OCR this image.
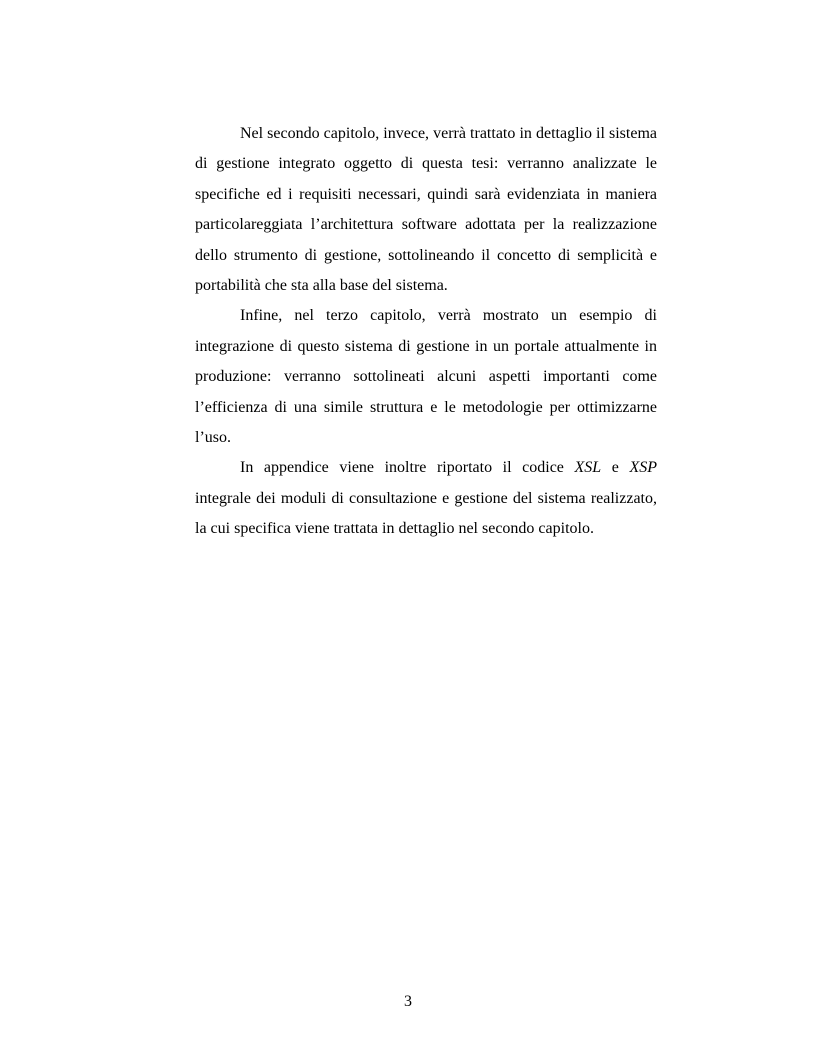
Nel secondo capitolo, invece, verrà trattato in dettaglio il sistema di gestione integrato oggetto di questa tesi: verranno analizzate le specifiche ed i requisiti necessari, quindi sarà evidenziata in maniera particolareggiata l’architettura software adottata per la realizzazione dello strumento di gestione, sottolineando il concetto di semplicità e portabilità che sta alla base del sistema.

Infine, nel terzo capitolo, verrà mostrato un esempio di integrazione di questo sistema di gestione in un portale attualmente in produzione: verranno sottolineati alcuni aspetti importanti come l’efficienza di una simile struttura e le metodologie per ottimizzarne l’uso.

In appendice viene inoltre riportato il codice XSL e XSP integrale dei moduli di consultazione e gestione del sistema realizzato, la cui specifica viene trattata in dettaglio nel secondo capitolo.

3
